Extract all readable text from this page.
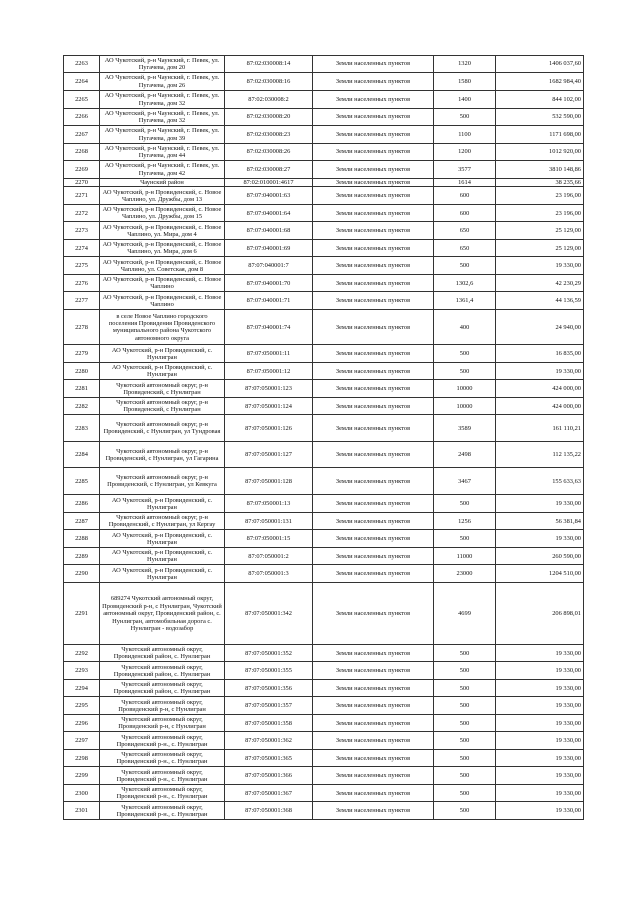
2263	АО Чукотский, р-н Чаунский, г. Певек, ул. Пугачева, дом 20	87:02:030008:14	Земли населенных пунктов	1320	1406 037,60
2264	АО Чукотский, р-н Чаунский, г. Певек, ул. Пугачева, дом 26	87:02:030008:16	Земли населенных пунктов	1580	1682 984,40
2265	АО Чукотский, р-н Чаунский, г. Певек, ул. Пугачева, дом 32	87:02:030008:2	Земли населенных пунктов	1400	844 102,00
2266	АО Чукотский, р-н Чаунский, г. Певек, ул. Пугачева, дом 32	87:02:030008:20	Земли населенных пунктов	500	532 590,00
2267	АО Чукотский, р-н Чаунский, г. Певек, ул. Пугачева, дом 39	87:02:030008:23	Земли населенных пунктов	1100	1171 698,00
2268	АО Чукотский, р-н Чаунский, г. Певек, ул. Пугачева, дом 44	87:02:030008:26	Земли населенных пунктов	1200	1012 920,00
2269	АО Чукотский, р-н Чаунский, г. Певек, ул. Пугачева, дом 42	87:02:030008:27	Земли населенных пунктов	3577	3810 148,86
2270	Чаунский район	87:02:010001:4617	Земли населенных пунктов	1614	38 235,66
2271	АО Чукотский, р-н Провиденский, с. Новое Чаплино, ул. Дружбы, дом 13	87:07:040001:63	Земли населенных пунктов	600	23 196,00
2272	АО Чукотский, р-н Провиденский, с. Новое Чаплино, ул. Дружбы, дом 15	87:07:040001:64	Земли населенных пунктов	600	23 196,00
2273	АО Чукотский, р-н Провиденский, с. Новое Чаплино, ул. Мира, дом 4	87:07:040001:68	Земли населенных пунктов	650	25 129,00
2274	АО Чукотский, р-н Провиденский, с. Новое Чаплино, ул. Мира, дом 6	87:07:040001:69	Земли населенных пунктов	650	25 129,00
2275	АО Чукотский, р-н Провиденский, с. Новое Чаплино, ул. Советская, дом 8	87:07:040001:7	Земли населенных пунктов	500	19 330,00
2276	АО Чукотский, р-н Провиденский, с. Новое Чаплино	87:07:040001:70	Земли населенных пунктов	1302,6	42 230,29
2277	АО Чукотский, р-н Провиденский, с. Новое Чаплино	87:07:040001:71	Земли населенных пунктов	1361,4	44 136,59
2278	в селе Новое Чаплино городского поселения Провидения Провиденского муниципального района Чукотского автономного округа	87:07:040001:74	Земли населенных пунктов	400	24 940,00
2279	АО Чукотский, р-н Провиденский, с. Нунлигран	87:07:050001:11	Земли населенных пунктов	500	16 835,00
2280	АО Чукотский, р-н Провиденский, с. Нунлигран	87:07:050001:12	Земли населенных пунктов	500	19 330,00
2281	Чукотский автономный округ, р-н Провиденский, с Нунлигран	87:07:050001:123	Земли населенных пунктов	10000	424 000,00
2282	Чукотский автономный округ, р-н Провиденский, с Нунлигран	87:07:050001:124	Земли населенных пунктов	10000	424 000,00
2283	Чукотский автономный округ, р-н Провиденский, с Нунлигран, ул Тундровая	87:07:050001:126	Земли населенных пунктов	3589	161 110,21
2284	Чукотский автономный округ, р-н Провиденский, с Нунлигран, ул Гагарина	87:07:050001:127	Земли населенных пунктов	2498	112 135,22
2285	Чукотский автономный округ, р-н Провиденский, с Нунлигран, ул Кевкуга	87:07:050001:128	Земли населенных пунктов	3467	155 633,63
2286	АО Чукотский, р-н Провиденский, с. Нунлигран	87:07:050001:13	Земли населенных пунктов	500	19 330,00
2287	Чукотский автономный округ, р-н Провиденский, с Нунлигран, ул Кергау	87:07:050001:131	Земли населенных пунктов	1256	56 381,84
2288	АО Чукотский, р-н Провиденский, с. Нунлигран	87:07:050001:15	Земли населенных пунктов	500	19 330,00
2289	АО Чукотский, р-н Провиденский, с. Нунлигран	87:07:050001:2	Земли населенных пунктов	11000	260 590,00
2290	АО Чукотский, р-н Провиденский, с. Нунлигран	87:07:050001:3	Земли населенных пунктов	23000	1204 510,00
2291	689274 Чукотский автономный округ, Провиденский р-н, с Нунлигран, Чукотский автономный округ, Провиденский район, с. Нунлигран, автомобильная дорога с. Нунлигран - водозабор	87:07:050001:342	Земли населенных пунктов	4699	206 898,01
2292	Чукотский автономный округ, Провиденский район, с. Нунлигран	87:07:050001:352	Земли населенных пунктов	500	19 330,00
2293	Чукотский автономный округ, Провиденский район, с. Нунлигран	87:07:050001:355	Земли населенных пунктов	500	19 330,00
2294	Чукотский автономный округ, Провиденский район, с. Нунлигран	87:07:050001:356	Земли населенных пунктов	500	19 330,00
2295	Чукотский автономный округ, Провиденский р-н, с Нунлигран	87:07:050001:357	Земли населенных пунктов	500	19 330,00
2296	Чукотский автономный округ, Провиденский р-н, с Нунлигран	87:07:050001:358	Земли населенных пунктов	500	19 330,00
2297	Чукотский автономный округ, Провиденский р-н., с. Нунлигран	87:07:050001:362	Земли населенных пунктов	500	19 330,00
2298	Чукотский автономный округ, Провиденский р-н., с. Нунлигран	87:07:050001:365	Земли населенных пунктов	500	19 330,00
2299	Чукотский автономный округ, Провиденский р-н., с. Нунлигран	87:07:050001:366	Земли населенных пунктов	500	19 330,00
2300	Чукотский автономный округ, Провиденский р-н., с. Нунлигран	87:07:050001:367	Земли населенных пунктов	500	19 330,00
2301	Чукотский автономный округ, Провиденский р-н., с. Нунлигран	87:07:050001:368	Земли населенных пунктов	500	19 330,00
